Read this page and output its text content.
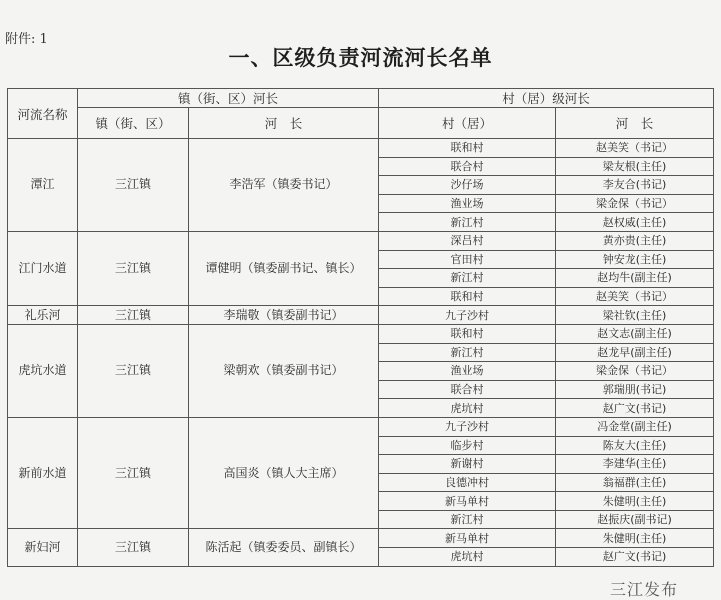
附件: 1
一、区级负责河流河长名单
河流名称	镇（街、区）河长		村（居）级河长	
	镇（街、区）	河　长	村（居）	河　长
潭江	三江镇	李浩军（镇委书记）	联和村	赵美笑（书记）
			联合村	梁友根(主任)
			沙仔场	李友合(书记)
			渔业场	梁金保（书记）
			新江村	赵权威(主任)
江门水道	三江镇	谭健明（镇委副书记、镇长）	深吕村	黄亦贵(主任)
			官田村	钟安龙(主任)
			新江村	赵均牛(副主任)
			联和村	赵美笑（书记）
礼乐河	三江镇	李瑞敬（镇委副书记）	九子沙村	梁社钦(主任)
虎坑水道	三江镇	梁朝欢（镇委副书记）	联和村	赵文志(副主任)
			新江村	赵龙早(副主任)
			渔业场	梁金保（书记）
			联合村	郭瑞朋(书记)
			虎坑村	赵广文(书记)
新前水道	三江镇	高国炎（镇人大主席）	九子沙村	冯金堂(副主任)
			临步村	陈友大(主任)
			新谢村	李建华(主任)
			良德冲村	翁福群(主任)
			新马单村	朱健明(主任)
			新江村	赵振庆(副书记)
新妇河	三江镇	陈活起（镇委委员、副镇长）	新马单村	朱健明(主任)
			虎坑村	赵广文(书记)
三江发布
